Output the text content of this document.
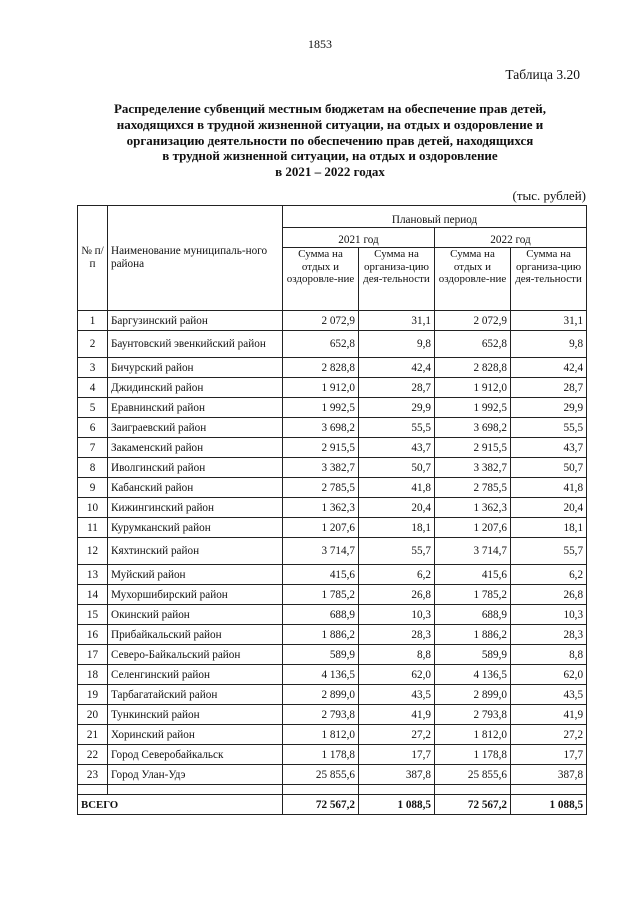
1853
Таблица 3.20
Распределение субвенций местным бюджетам на обеспечение прав детей,
находящихся в трудной жизненной ситуации, на отдых и оздоровление и
организацию деятельности по обеспечению прав детей, находящихся
в трудной жизненной ситуации, на отдых и оздоровление
в 2021 – 2022 годах
(тыс. рублей)
№ п/п	Наименование муниципаль-ного района	Плановый период			
		2021 год		2022 год	
		Сумма на отдых и оздоровле-ние	Сумма на организа-цию дея-тельности	Сумма на отдых и оздоровле-ние	Сумма на организа-цию дея-тельности
1	Баргузинский район	2 072,9	31,1	2 072,9	31,1
2	Баунтовский эвенкийский район	652,8	9,8	652,8	9,8
3	Бичурский район	2 828,8	42,4	2 828,8	42,4
4	Джидинский район	1 912,0	28,7	1 912,0	28,7
5	Еравнинский район	1 992,5	29,9	1 992,5	29,9
6	Заиграевский район	3 698,2	55,5	3 698,2	55,5
7	Закаменский район	2 915,5	43,7	2 915,5	43,7
8	Иволгинский район	3 382,7	50,7	3 382,7	50,7
9	Кабанский район	2 785,5	41,8	2 785,5	41,8
10	Кижингинский район	1 362,3	20,4	1 362,3	20,4
11	Курумканский район	1 207,6	18,1	1 207,6	18,1
12	Кяхтинский район	3 714,7	55,7	3 714,7	55,7
13	Муйский район	415,6	6,2	415,6	6,2
14	Мухоршибирский район	1 785,2	26,8	1 785,2	26,8
15	Окинский район	688,9	10,3	688,9	10,3
16	Прибайкальский район	1 886,2	28,3	1 886,2	28,3
17	Северо-Байкальский район	589,9	8,8	589,9	8,8
18	Селенгинский район	4 136,5	62,0	4 136,5	62,0
19	Тарбагатайский район	2 899,0	43,5	2 899,0	43,5
20	Тункинский район	2 793,8	41,9	2 793,8	41,9
21	Хоринский район	1 812,0	27,2	1 812,0	27,2
22	Город Северобайкальск	1 178,8	17,7	1 178,8	17,7
23	Город Улан-Удэ	25 855,6	387,8	25 855,6	387,8

ВСЕГО		72 567,2	1 088,5	72 567,2	1 088,5
